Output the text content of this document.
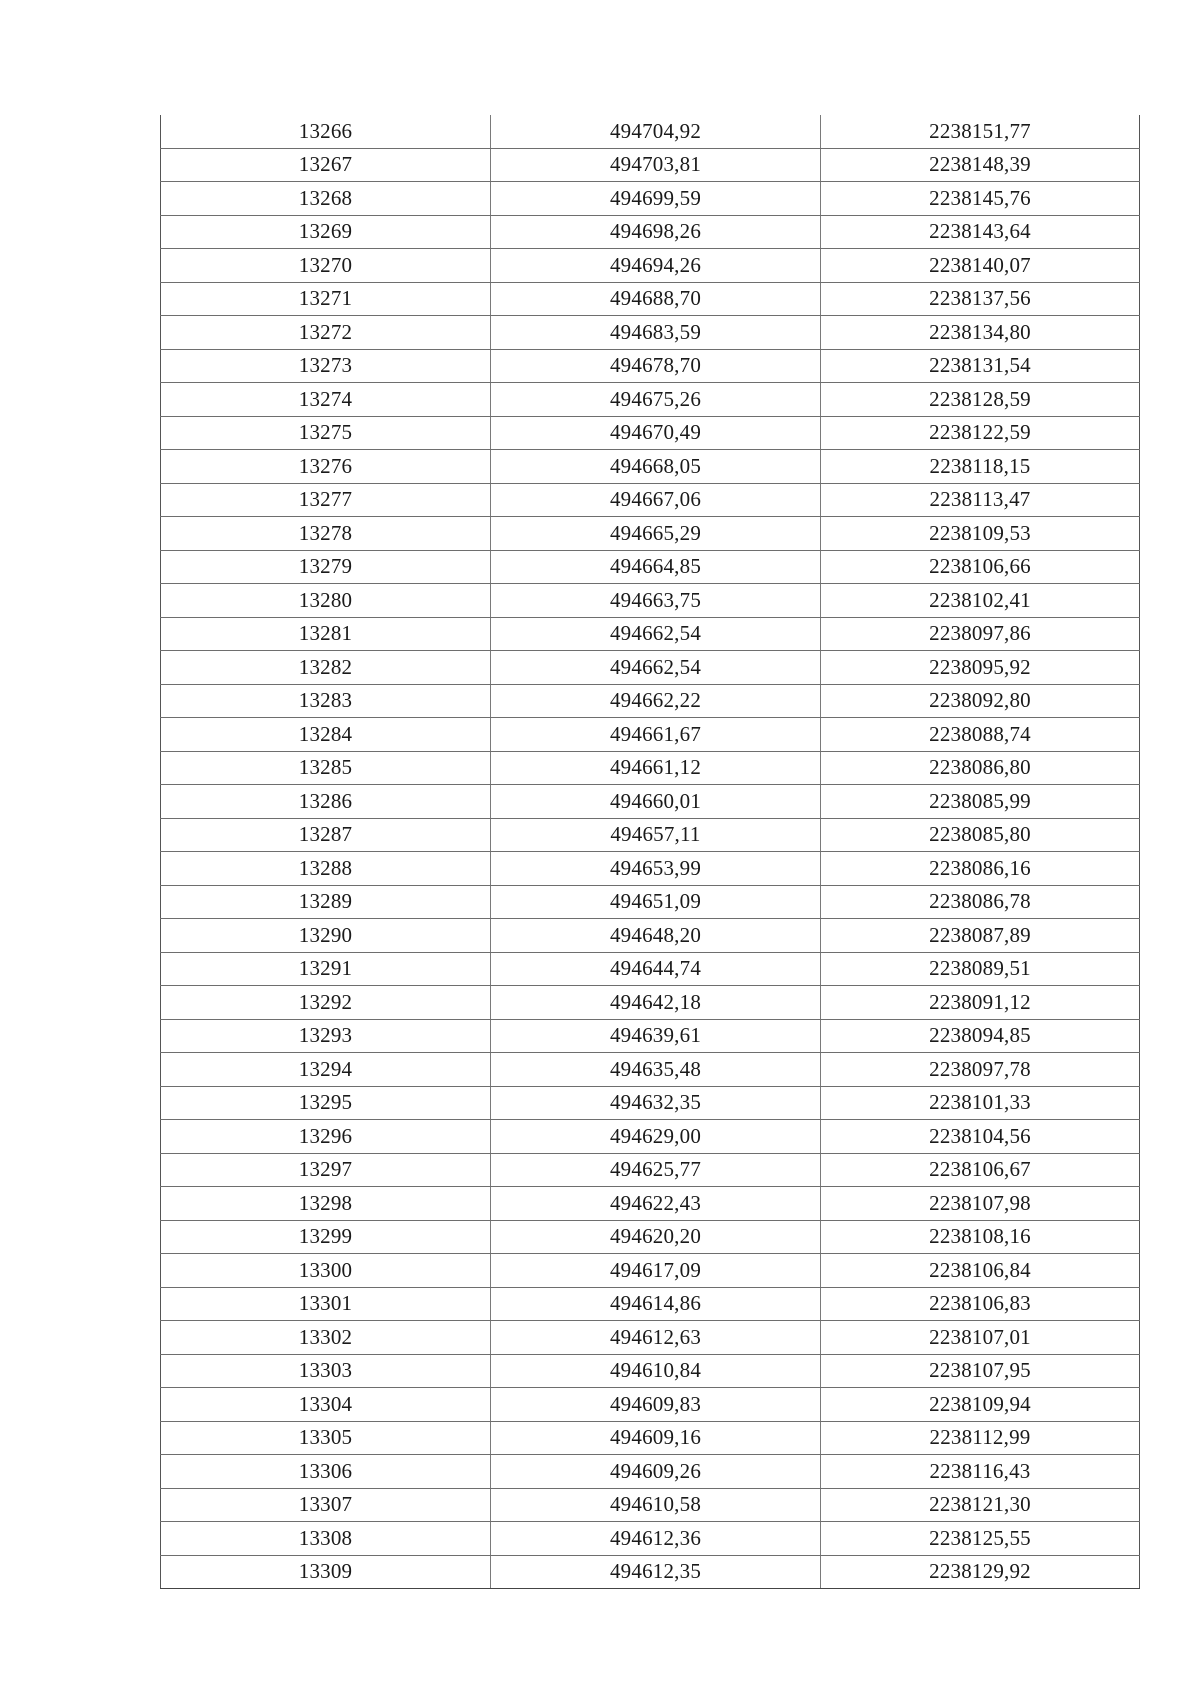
13266	494704,92	2238151,77
13267	494703,81	2238148,39
13268	494699,59	2238145,76
13269	494698,26	2238143,64
13270	494694,26	2238140,07
13271	494688,70	2238137,56
13272	494683,59	2238134,80
13273	494678,70	2238131,54
13274	494675,26	2238128,59
13275	494670,49	2238122,59
13276	494668,05	2238118,15
13277	494667,06	2238113,47
13278	494665,29	2238109,53
13279	494664,85	2238106,66
13280	494663,75	2238102,41
13281	494662,54	2238097,86
13282	494662,54	2238095,92
13283	494662,22	2238092,80
13284	494661,67	2238088,74
13285	494661,12	2238086,80
13286	494660,01	2238085,99
13287	494657,11	2238085,80
13288	494653,99	2238086,16
13289	494651,09	2238086,78
13290	494648,20	2238087,89
13291	494644,74	2238089,51
13292	494642,18	2238091,12
13293	494639,61	2238094,85
13294	494635,48	2238097,78
13295	494632,35	2238101,33
13296	494629,00	2238104,56
13297	494625,77	2238106,67
13298	494622,43	2238107,98
13299	494620,20	2238108,16
13300	494617,09	2238106,84
13301	494614,86	2238106,83
13302	494612,63	2238107,01
13303	494610,84	2238107,95
13304	494609,83	2238109,94
13305	494609,16	2238112,99
13306	494609,26	2238116,43
13307	494610,58	2238121,30
13308	494612,36	2238125,55
13309	494612,35	2238129,92
